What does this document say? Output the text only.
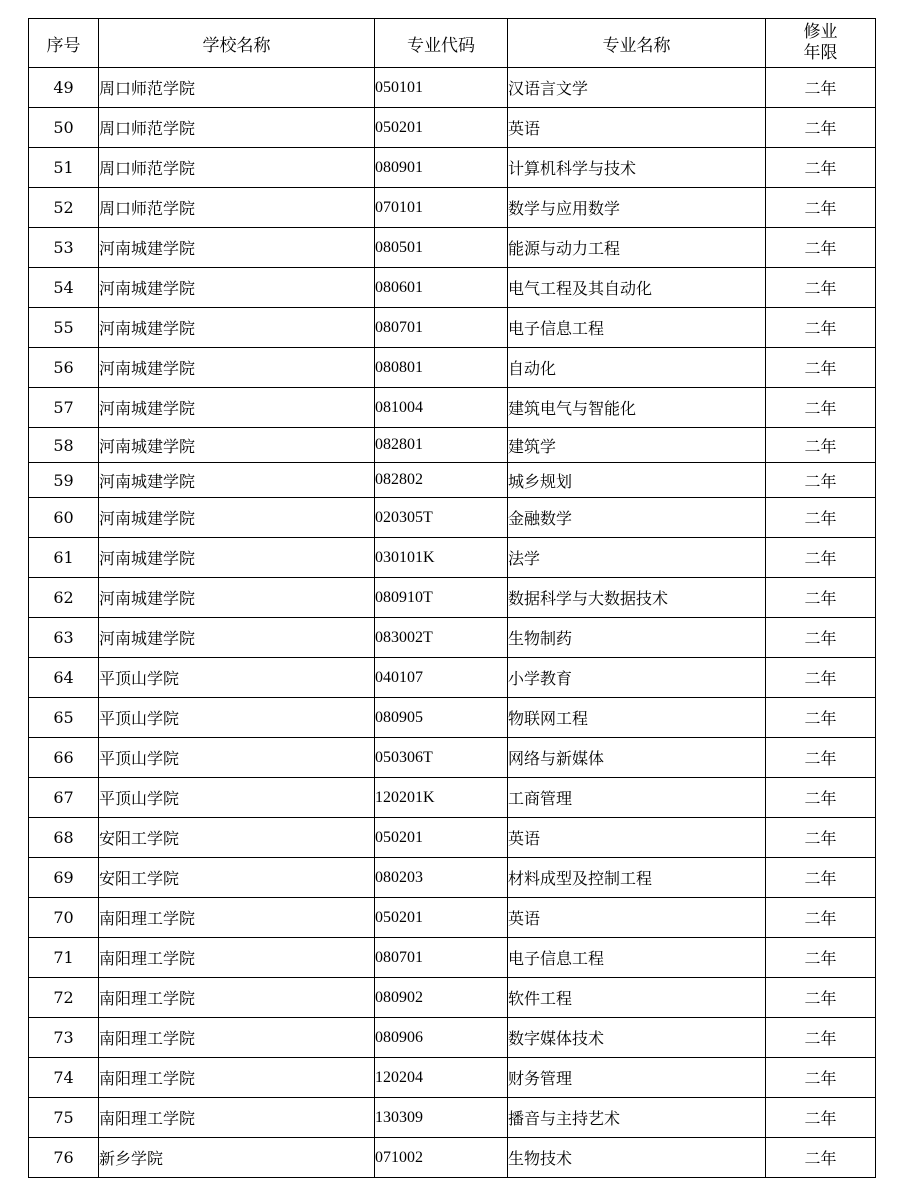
序号	学校名称	专业代码	专业名称	修业
年限

49	周口师范学院	050101	汉语言文学	二年
50	周口师范学院	050201	英语	二年
51	周口师范学院	080901	计算机科学与技术	二年
52	周口师范学院	070101	数学与应用数学	二年
53	河南城建学院	080501	能源与动力工程	二年
54	河南城建学院	080601	电气工程及其自动化	二年
55	河南城建学院	080701	电子信息工程	二年
56	河南城建学院	080801	自动化	二年
57	河南城建学院	081004	建筑电气与智能化	二年
58	河南城建学院	082801	建筑学	二年
59	河南城建学院	082802	城乡规划	二年
60	河南城建学院	020305T	金融数学	二年
61	河南城建学院	030101K	法学	二年
62	河南城建学院	080910T	数据科学与大数据技术	二年
63	河南城建学院	083002T	生物制药	二年
64	平顶山学院	040107	小学教育	二年
65	平顶山学院	080905	物联网工程	二年
66	平顶山学院	050306T	网络与新媒体	二年
67	平顶山学院	120201K	工商管理	二年
68	安阳工学院	050201	英语	二年
69	安阳工学院	080203	材料成型及控制工程	二年
70	南阳理工学院	050201	英语	二年
71	南阳理工学院	080701	电子信息工程	二年
72	南阳理工学院	080902	软件工程	二年
73	南阳理工学院	080906	数字媒体技术	二年
74	南阳理工学院	120204	财务管理	二年
75	南阳理工学院	130309	播音与主持艺术	二年
76	新乡学院	071002	生物技术	二年
